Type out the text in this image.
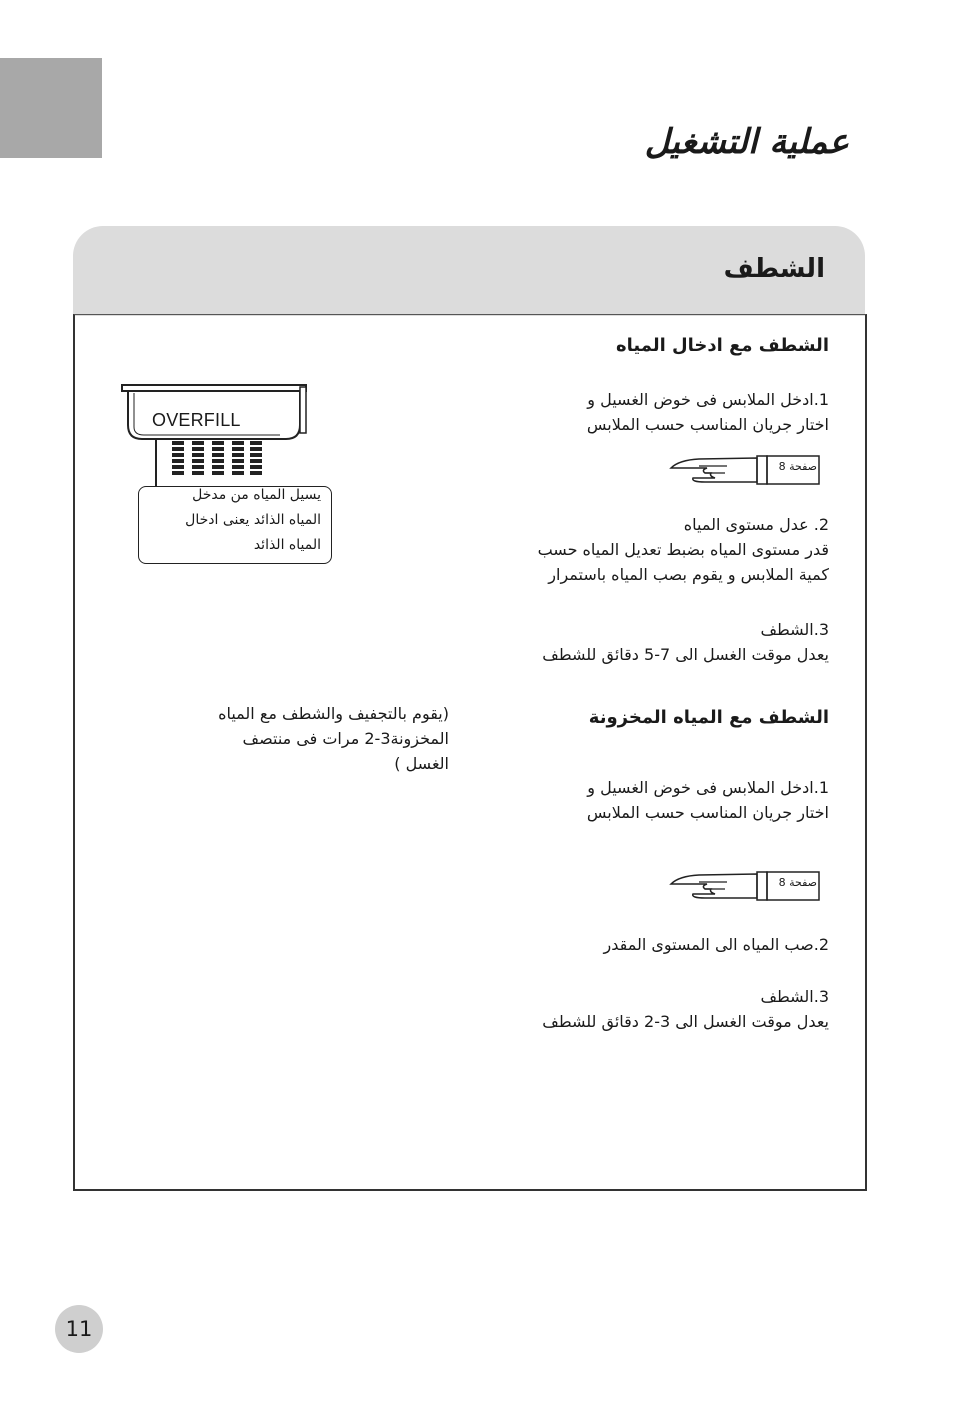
عملية التشغيل
الشطف
الشطف مع ادخال المياه
1.ادخل الملابس فى خوض الغسيل و
اختار جريان المناسب حسب الملابس
صفحة 8
2. عدل مستوى المياه
قدر مستوى المياه بضبط تعديل المياه حسب
كمية الملابس و يقوم بصب المياه باستمرار
3.الشطف
يعدل موقت الغسل الى 7-5 دقائق للشطف
الشطف مع المياه المخزونة
1.ادخل الملابس فى خوض الغسيل و
اختار جريان المناسب حسب الملابس
صفحة 8
2.صب المياه الى المستوى المقدر
3.الشطف
يعدل موقت الغسل الى 3-2 دقائق للشطف
(يقوم بالتجفيف والشطف مع المياه
المخزونة3-2 مرات فى منتصف
الغسل )
OVERFILL
يسيل المياه من مدخل
المياه الذائد يعنى ادخال
المياه الذائد
11
